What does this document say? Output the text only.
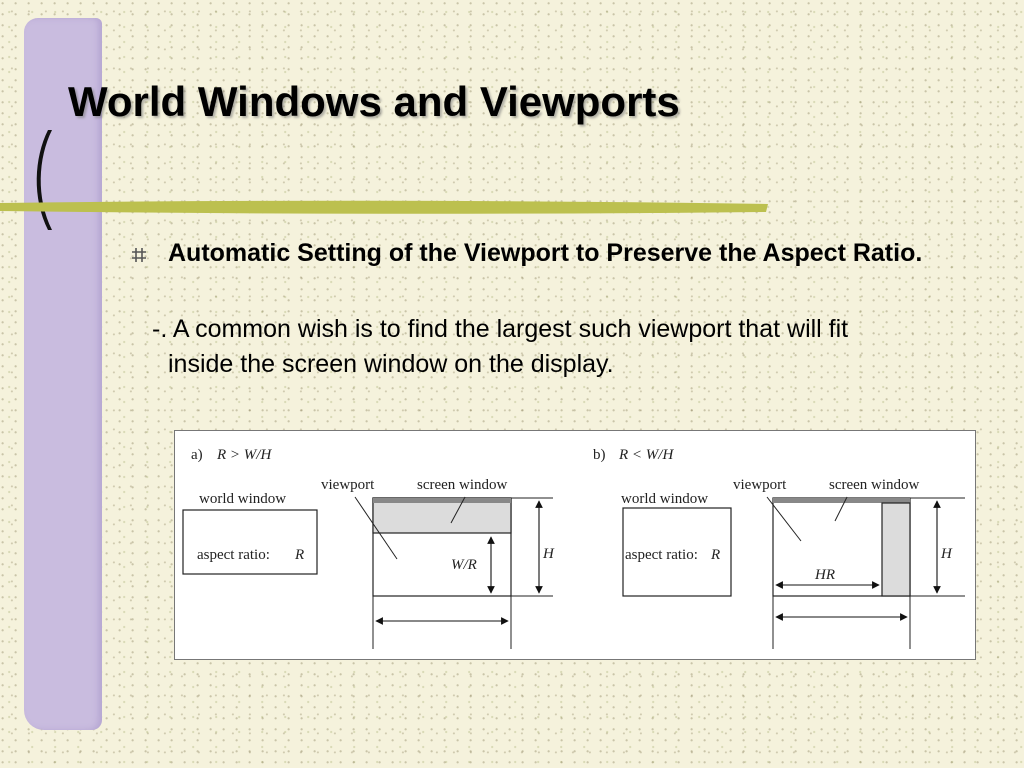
World Windows and Viewports
Automatic Setting of the Viewport to Preserve the Aspect Ratio.
-. A common wish is to find the largest such viewport that will fit
inside the screen window on the display.
a) R > W/H
world window
aspect ratio: R
viewport	screen window
W/R
H
b) R < W/H
world window
aspect ratio: R
viewport	screen window
HR
H
